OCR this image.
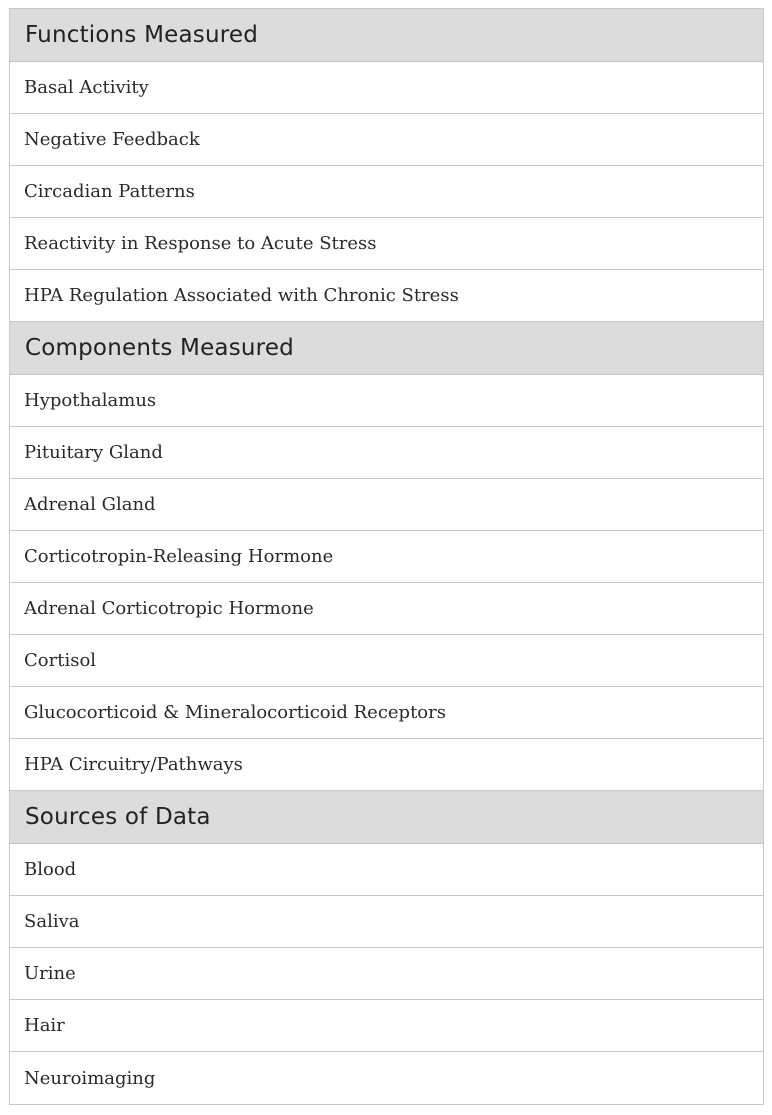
Functions Measured
Basal Activity
Negative Feedback
Circadian Patterns
Reactivity in Response to Acute Stress
HPA Regulation Associated with Chronic Stress
Components Measured
Hypothalamus
Pituitary Gland
Adrenal Gland
Corticotropin-Releasing Hormone
Adrenal Corticotropic Hormone
Cortisol
Glucocorticoid & Mineralocorticoid Receptors
HPA Circuitry/Pathways
Sources of Data
Blood
Saliva
Urine
Hair
Neuroimaging
